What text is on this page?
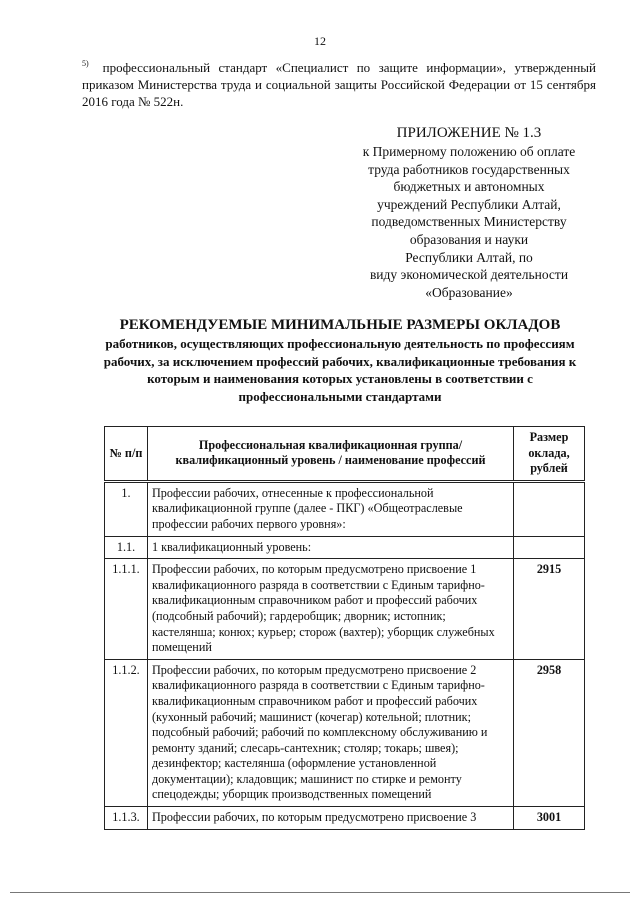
12
$^{5)}$ профессиональный стандарт «Специалист по защите информации», утвержденный приказом Министерства труда и социальной защиты Российской Федерации от 15 сентября 2016 года № 522н.
ПРИЛОЖЕНИЕ № 1.3
к Примерному положению об оплате
труда работников государственных
бюджетных и автономных
учреждений Республики Алтай,
подведомственных Министерству
образования и науки
Республики Алтай, по
виду экономической деятельности
«Образование»
РЕКОМЕНДУЕМЫЕ МИНИМАЛЬНЫЕ РАЗМЕРЫ ОКЛАДОВ
работников, осуществляющих профессиональную деятельность по профессиям рабочих, за исключением профессий рабочих, квалификационные требования к которым и наименования которых установлены в соответствии с профессиональными стандартами
№ п/п	Профессиональная квалификационная группа/квалификационный уровень / наименование профессий	Размер оклада, рублей
1.	Профессии рабочих, отнесенные к профессиональной квалификационной группе (далее - ПКГ) «Общеотраслевые профессии рабочих первого уровня»:	
1.1.	1 квалификационный уровень:	
1.1.1.	Профессии рабочих, по которым предусмотрено присвоение 1 квалификационного разряда в соответствии с Единым тарифно-квалификационным справочником работ и профессий рабочих (подсобный рабочий); гардеробщик; дворник; истопник; кастелянша; конюх; курьер; сторож (вахтер); уборщик служебных помещений	2915
1.1.2.	Профессии рабочих, по которым предусмотрено присвоение 2 квалификационного разряда в соответствии с Единым тарифно-квалификационным справочником работ и профессий рабочих (кухонный рабочий; машинист (кочегар) котельной; плотник; подсобный рабочий; рабочий по комплексному обслуживанию и ремонту зданий; слесарь-сантехник; столяр; токарь; швея); дезинфектор; кастелянша (оформление установленной документации); кладовщик; машинист по стирке и ремонту спецодежды; уборщик производственных помещений	2958
1.1.3.	Профессии рабочих, по которым предусмотрено присвоение 3	3001
